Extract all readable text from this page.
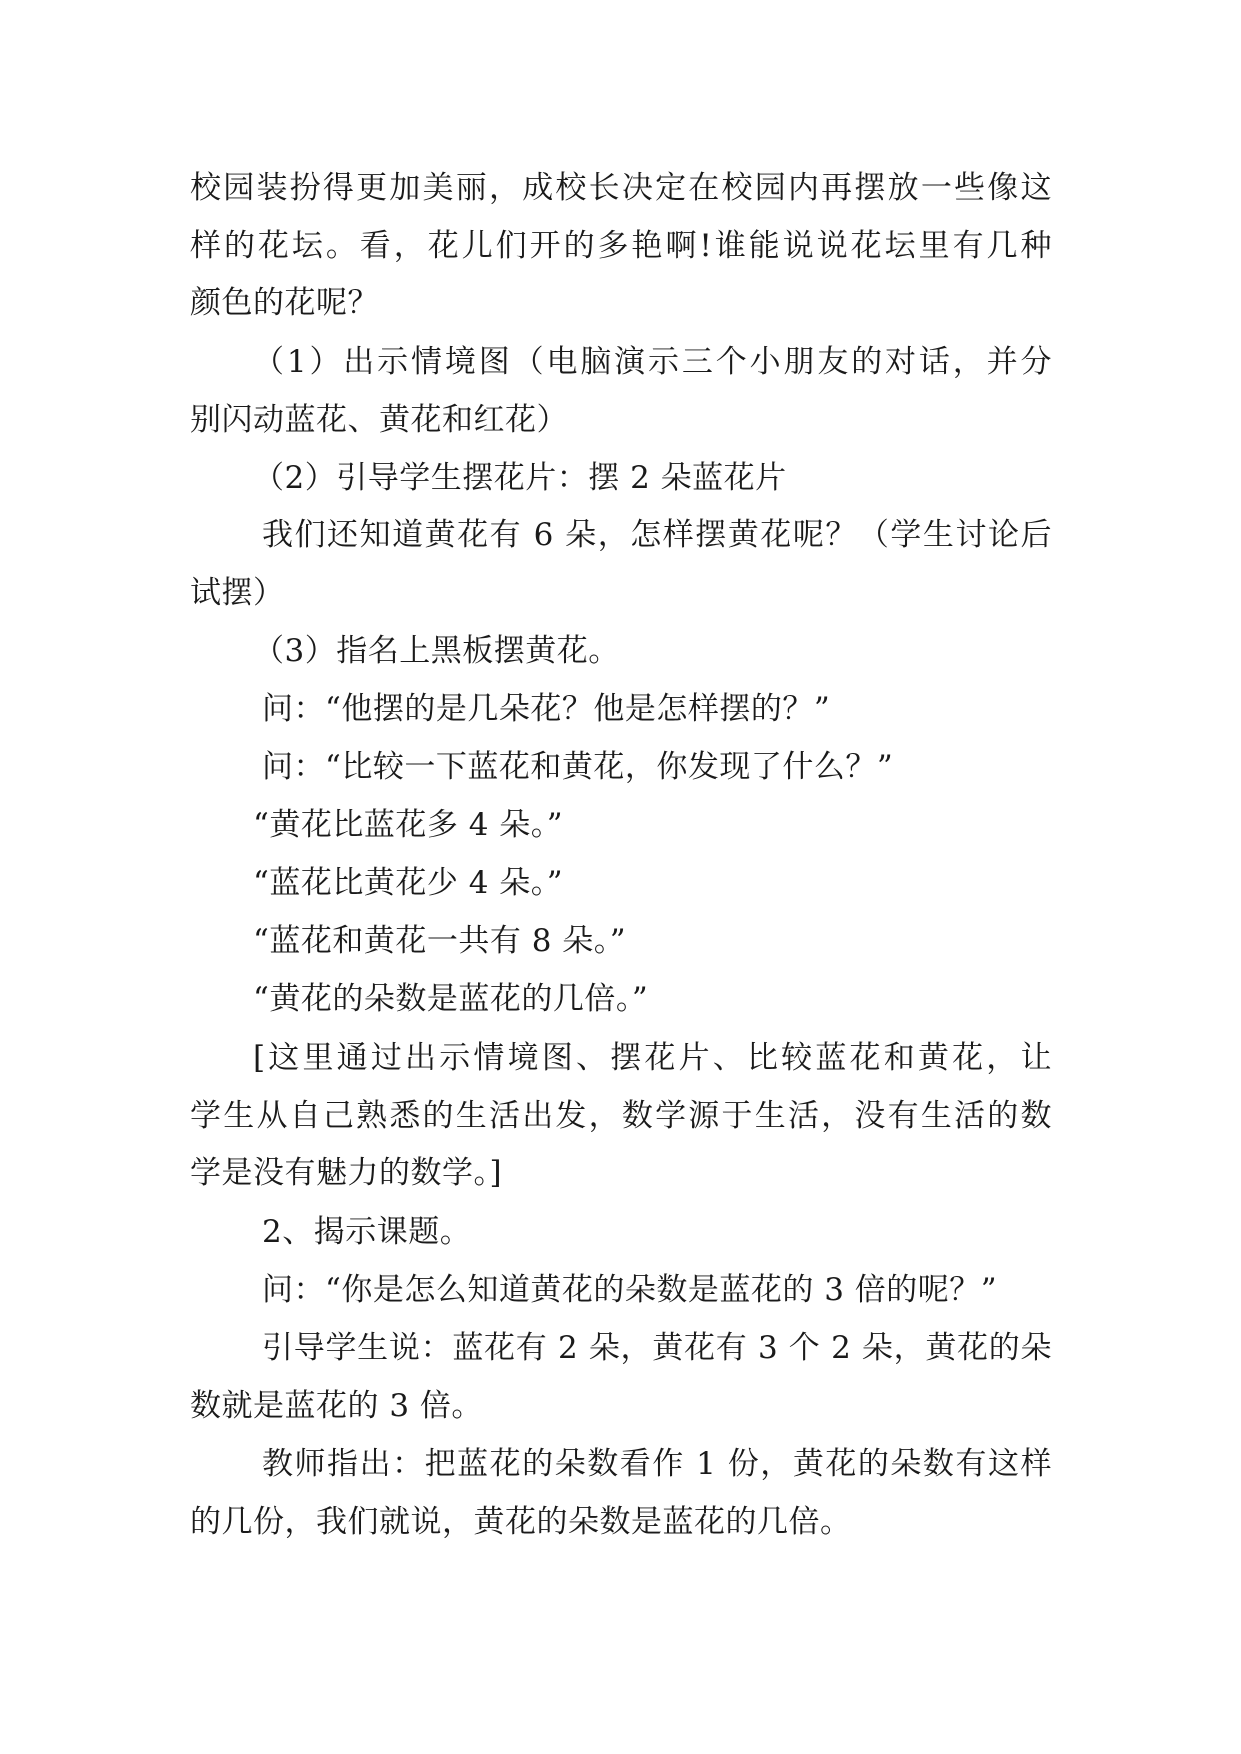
校园装扮得更加美丽，成校长决定在校园内再摆放一些像这
样的花坛。看，花儿们开的多艳啊!谁能说说花坛里有几种
颜色的花呢？
（1）出示情境图（电脑演示三个小朋友的对话，并分
别闪动蓝花、黄花和红花）
（2）引导学生摆花片：摆 2 朵蓝花片
我们还知道黄花有 6 朵，怎样摆黄花呢？（学生讨论后
试摆）
（3）指名上黑板摆黄花。
问：“他摆的是几朵花？他是怎样摆的？”
问：“比较一下蓝花和黄花，你发现了什么？”
“黄花比蓝花多 4 朵。”
“蓝花比黄花少 4 朵。”
“蓝花和黄花一共有 8 朵。”
“黄花的朵数是蓝花的几倍。”
[这里通过出示情境图、摆花片、比较蓝花和黄花，让
学生从自己熟悉的生活出发，数学源于生活，没有生活的数
学是没有魅力的数学。]
2、揭示课题。
问：“你是怎么知道黄花的朵数是蓝花的 3 倍的呢？”
引导学生说：蓝花有 2 朵，黄花有 3 个 2 朵，黄花的朵
数就是蓝花的 3 倍。
教师指出：把蓝花的朵数看作 1 份，黄花的朵数有这样
的几份，我们就说，黄花的朵数是蓝花的几倍。
